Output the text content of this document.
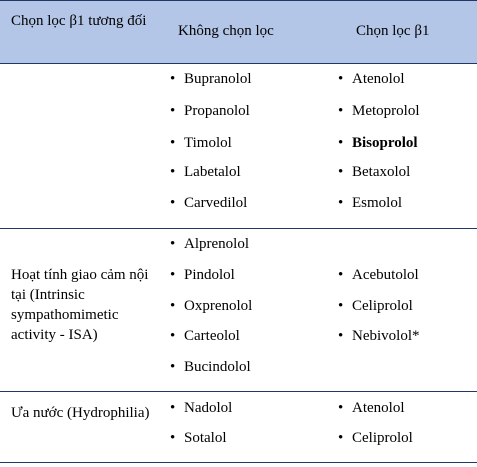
Chọn lọc β1 tương đối
Không chọn lọc	Chọn lọc β1
• Bupranolol
• Propanolol
• Timolol
• Labetalol
• Carvedilol
• Atenolol
• Metoprolol
• Bisoprolol
• Betaxolol
• Esmolol
Hoạt tính giao cảm nội tại (Intrinsic sympathomimetic activity - ISA)
• Alprenolol
• Pindolol
• Oxprenolol
• Carteolol
• Bucindolol
• Acebutolol
• Celiprolol
• Nebivolol*
Ưa nước (Hydrophilia)	• Nadolol
• Sotalol
• Atenolol
• Celiprolol
